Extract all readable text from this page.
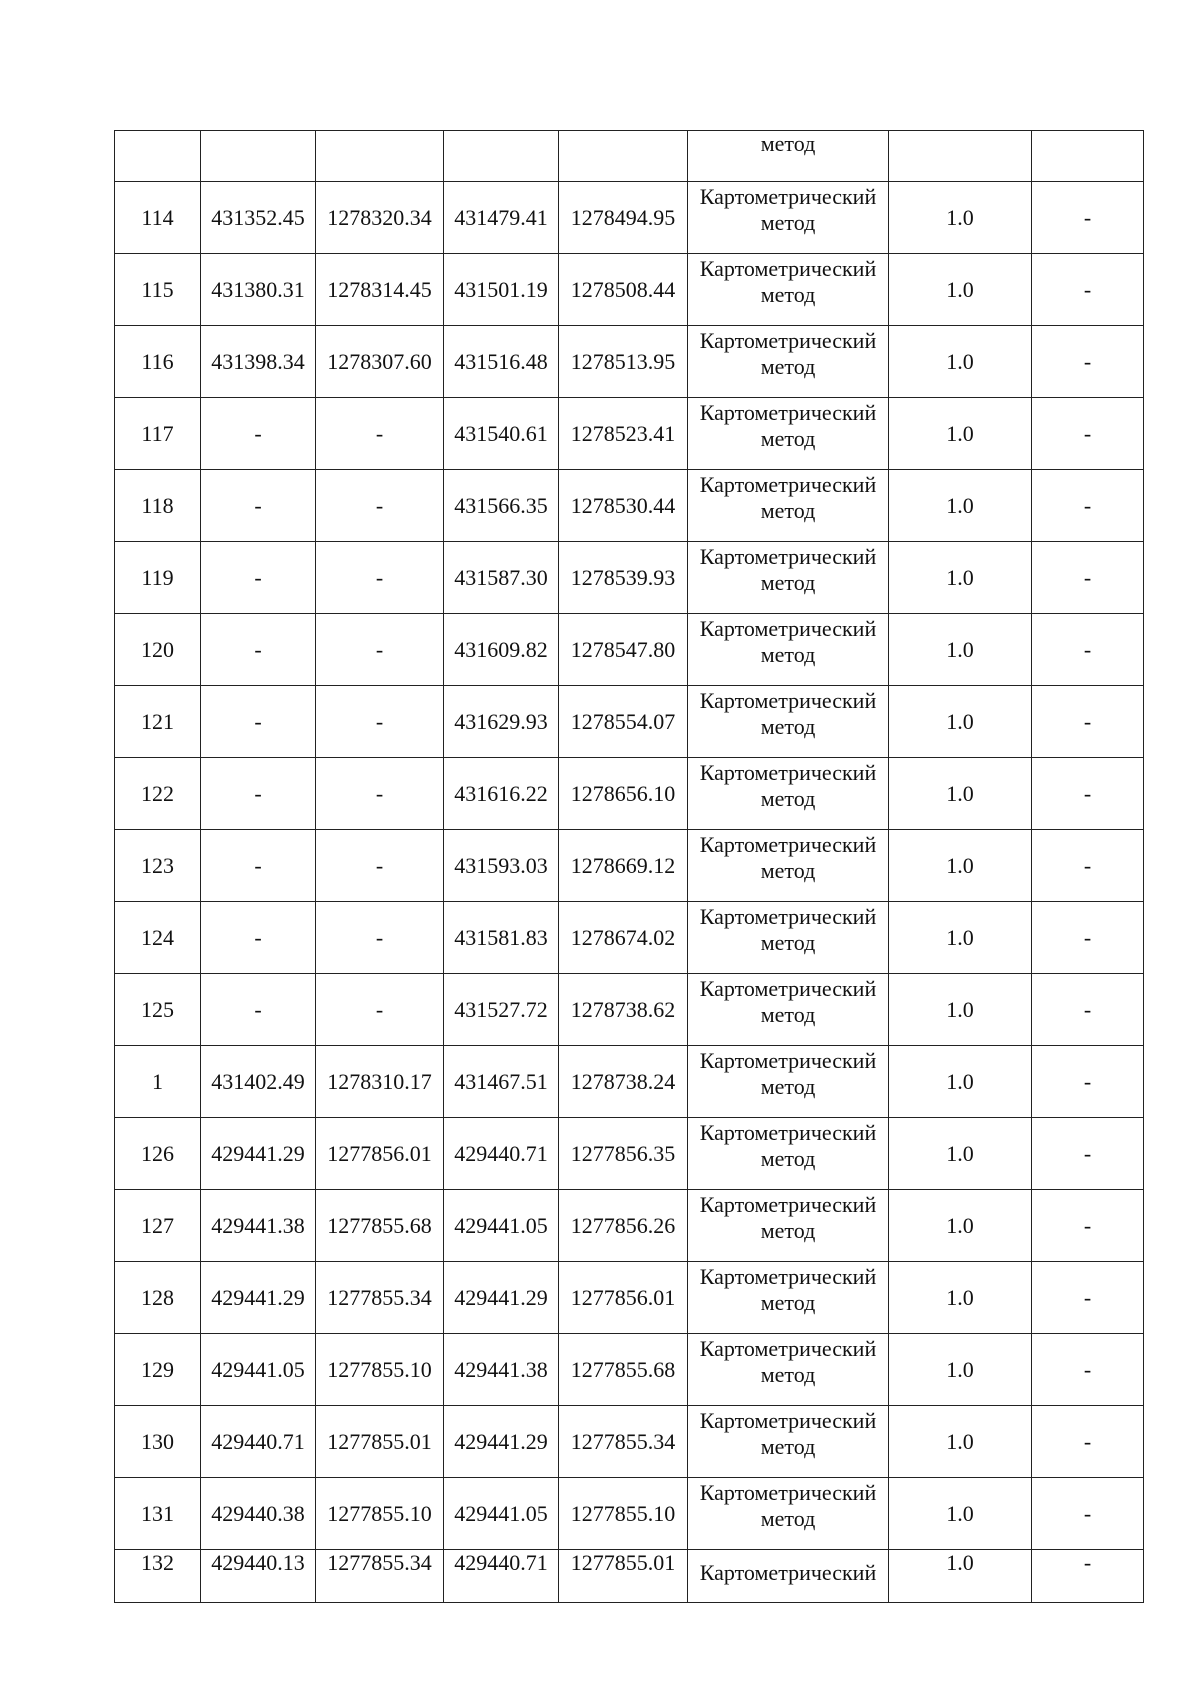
					метод		

114	431352.45	1278320.34	431479.41	1278494.95	Картометрический
метод	1.0	-
115	431380.31	1278314.45	431501.19	1278508.44	Картометрический
метод	1.0	-
116	431398.34	1278307.60	431516.48	1278513.95	Картометрический
метод	1.0	-
117	-	-	431540.61	1278523.41	Картометрический
метод	1.0	-
118	-	-	431566.35	1278530.44	Картометрический
метод	1.0	-
119	-	-	431587.30	1278539.93	Картометрический
метод	1.0	-
120	-	-	431609.82	1278547.80	Картометрический
метод	1.0	-
121	-	-	431629.93	1278554.07	Картометрический
метод	1.0	-
122	-	-	431616.22	1278656.10	Картометрический
метод	1.0	-
123	-	-	431593.03	1278669.12	Картометрический
метод	1.0	-
124	-	-	431581.83	1278674.02	Картометрический
метод	1.0	-
125	-	-	431527.72	1278738.62	Картометрический
метод	1.0	-
1	431402.49	1278310.17	431467.51	1278738.24	Картометрический
метод	1.0	-
126	429441.29	1277856.01	429440.71	1277856.35	Картометрический
метод	1.0	-
127	429441.38	1277855.68	429441.05	1277856.26	Картометрический
метод	1.0	-
128	429441.29	1277855.34	429441.29	1277856.01	Картометрический
метод	1.0	-
129	429441.05	1277855.10	429441.38	1277855.68	Картометрический
метод	1.0	-
130	429440.71	1277855.01	429441.29	1277855.34	Картометрический
метод	1.0	-
131	429440.38	1277855.10	429441.05	1277855.10	Картометрический
метод	1.0	-
132	429440.13	1277855.34	429440.71	1277855.01	Картометрический	1.0	-
